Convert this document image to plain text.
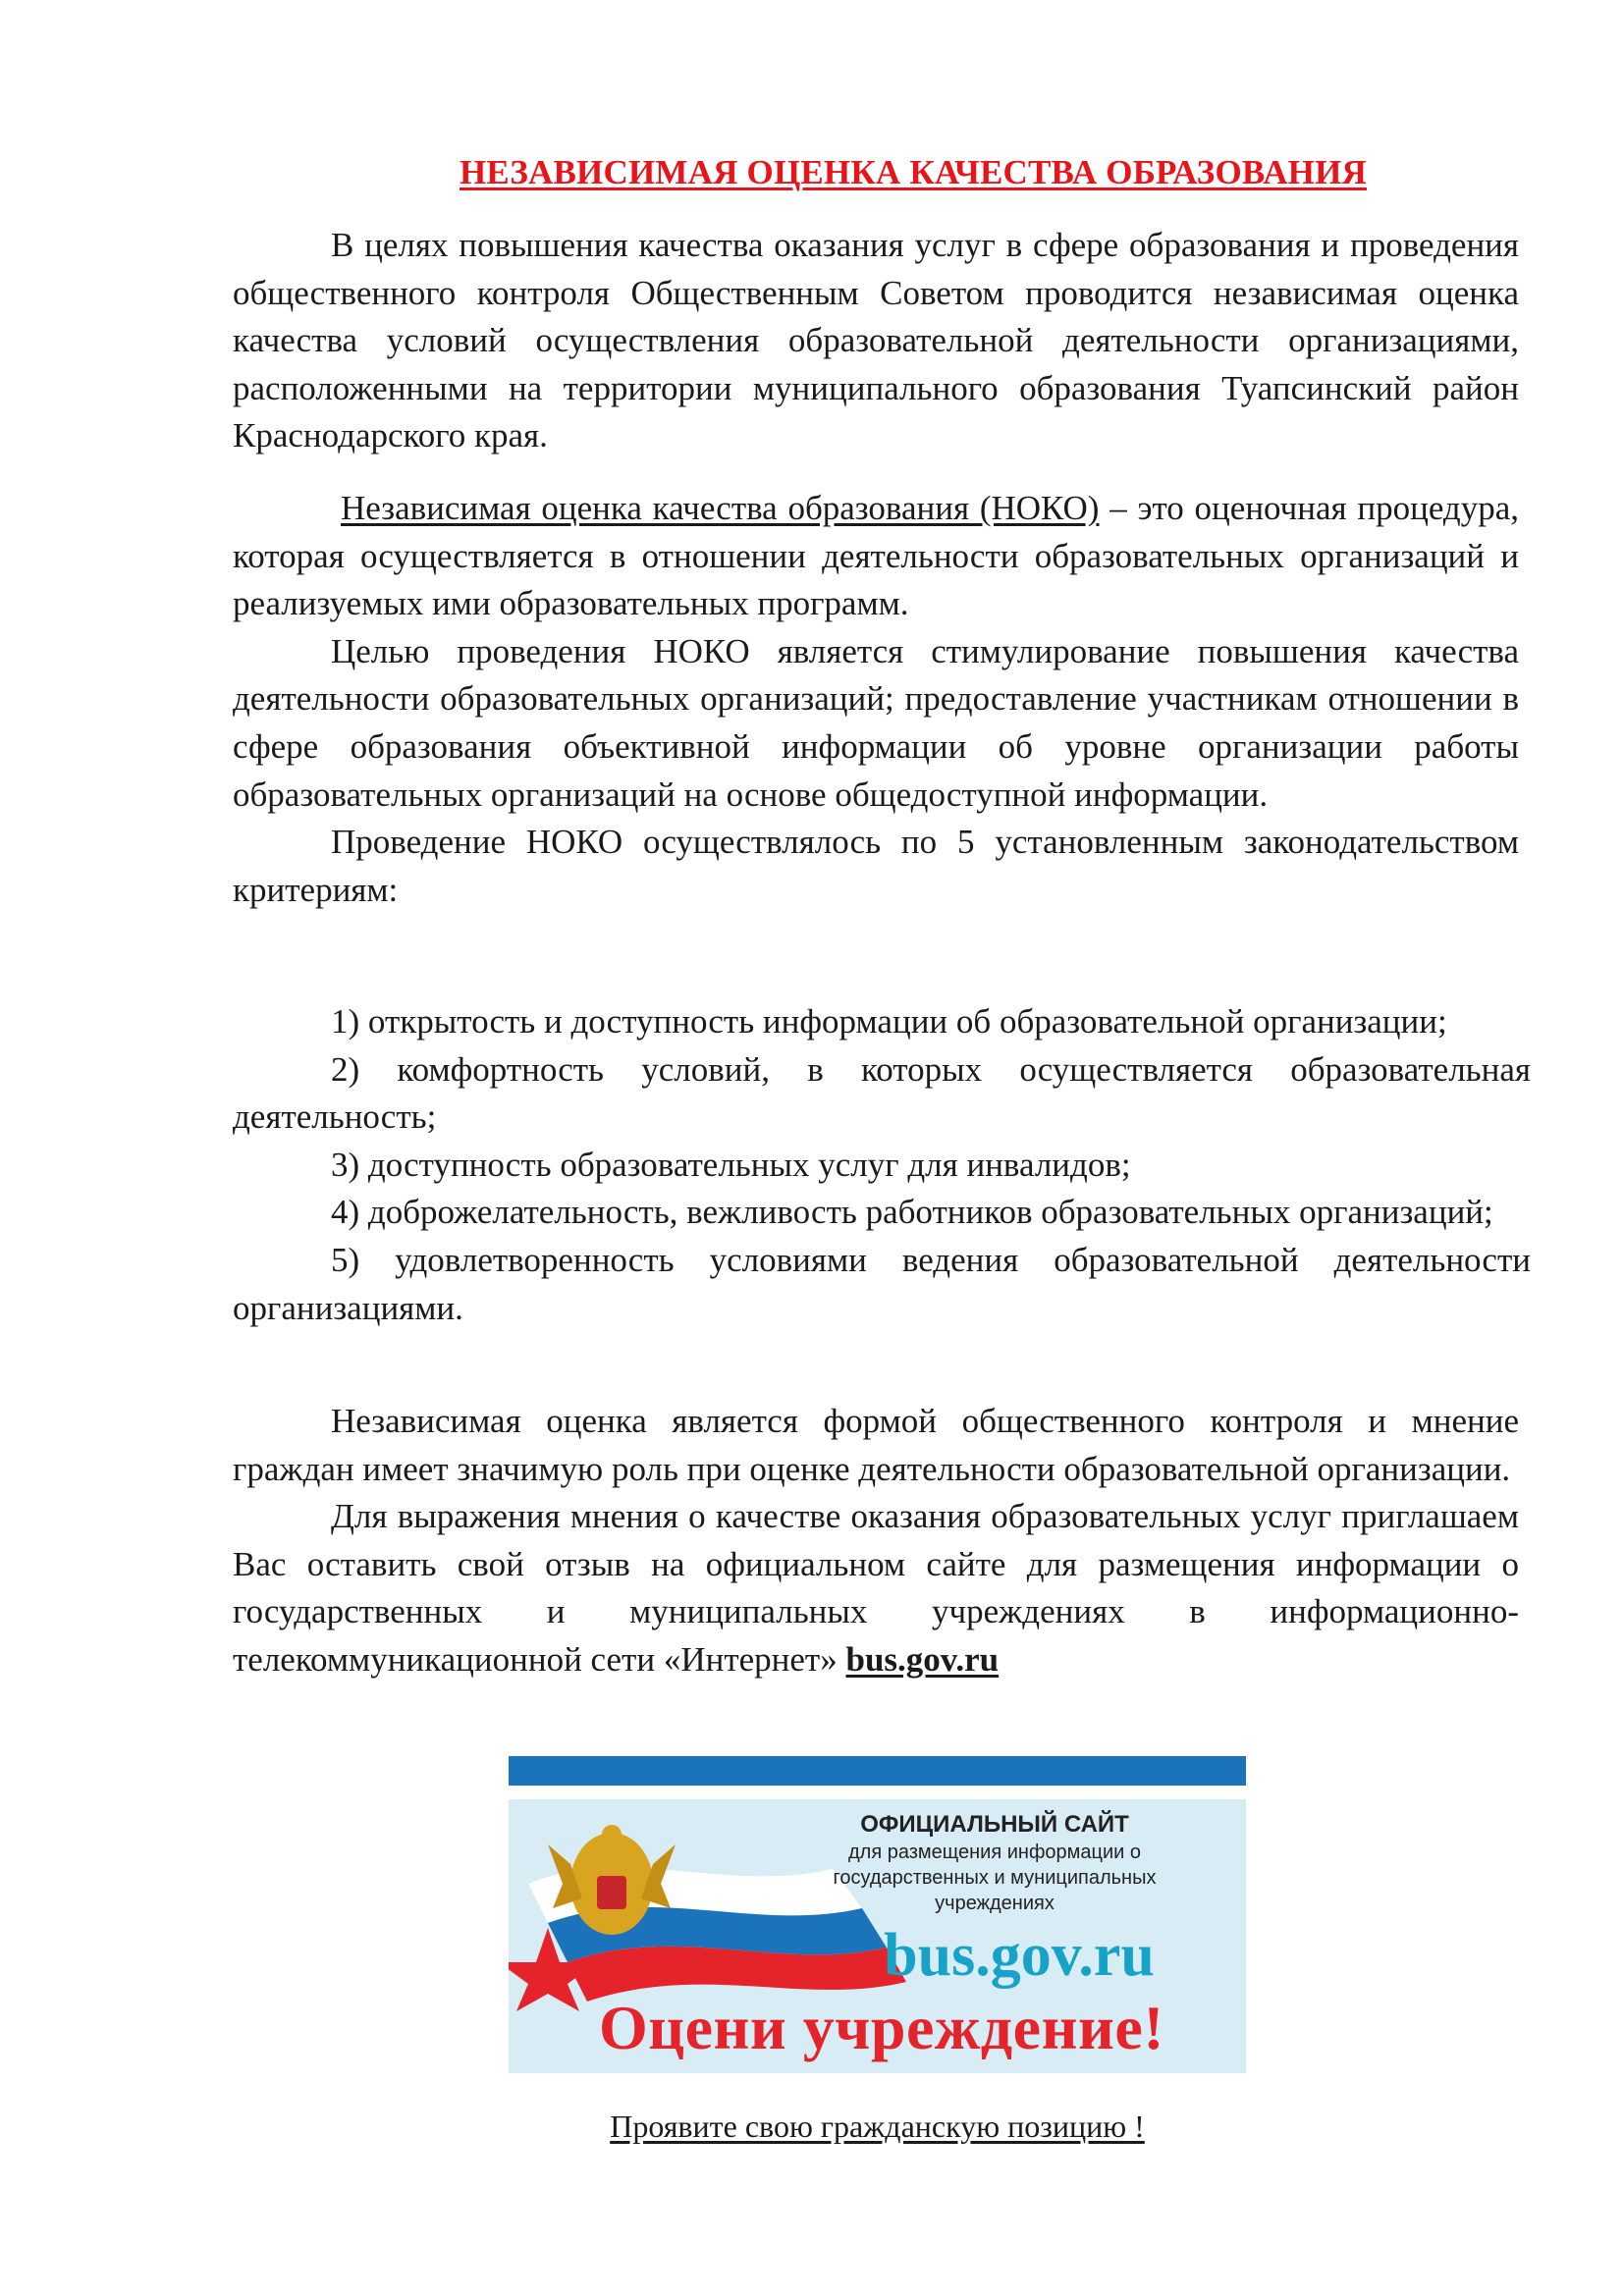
НЕЗАВИСИМАЯ ОЦЕНКА КАЧЕСТВА ОБРАЗОВАНИЯ

В целях повышения качества оказания услуг в сфере образования и проведения общественного контроля Общественным Советом проводится независимая оценка качества условий осуществления образовательной деятельности организациями, расположенными на территории муниципального образования Туапсинский район Краснодарского края.

Независимая оценка качества образования (НОКО) – это оценочная процедура, которая осуществляется в отношении деятельности образовательных организаций и реализуемых ими образовательных программ.

Целью проведения НОКО является стимулирование повышения качества деятельности образовательных организаций; предоставление участникам отношении в сфере образования объективной информации об уровне организации работы образовательных организаций на основе общедоступной информации.

Проведение НОКО осуществлялось по 5 установленным законодательством критериям:

1) открытость и доступность информации об образовательной организации;

2) комфортность условий, в которых осуществляется образовательная деятельность;

3) доступность образовательных услуг для инвалидов;

4) доброжелательность, вежливость работников образовательных организаций;

5) удовлетворенность условиями ведения образовательной деятельности организациями.

Независимая оценка является формой общественного контроля и мнение граждан имеет значимую роль при оценке деятельности образовательной организации.

Для выражения мнения о качестве оказания образовательных услуг приглашаем Вас оставить свой отзыв на официальном сайте для размещения информации о государственных и муниципальных учреждениях в информационно-телекоммуникационной сети «Интернет» bus.gov.ru

ОФИЦИАЛЬНЫЙ САЙТ
для размещения информации о
государственных и муниципальных
учреждениях
bus.gov.ru
Оцени учреждение!
Проявите свою гражданскую позицию !
